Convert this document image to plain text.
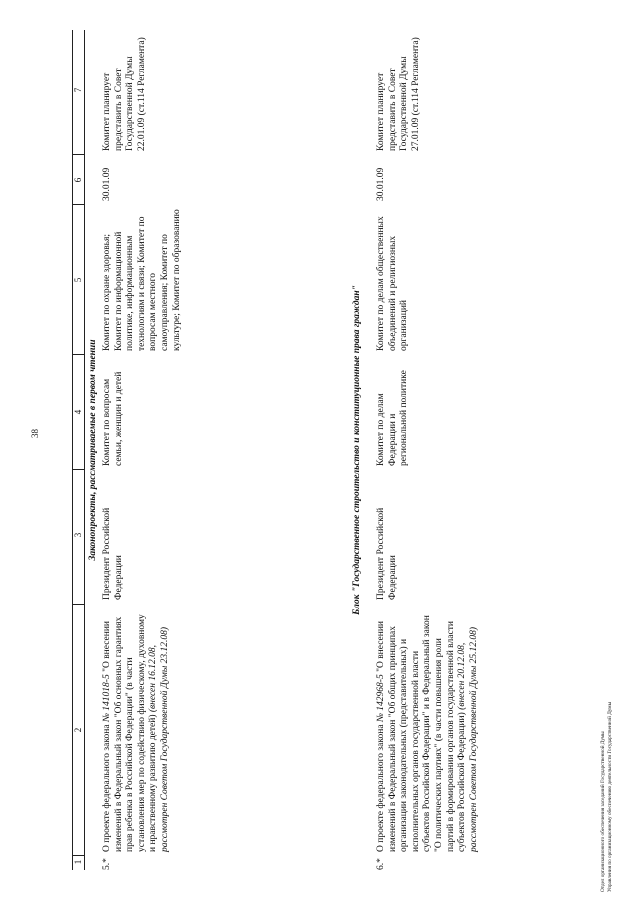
38
1
2
3
4
5
6
7
Законопроекты, рассматриваемые в первом чтении
5.*
О проекте федерального закона № 141018-5 "О внесении изменений в Федеральный закон "Об основных гарантиях прав ребенка в Российской Федерации" (в части установления мер по содействию физическому, духовному и нравственному развитию детей) (внесен 16.12.08, рассмотрен Советом Государственной Думы 23.12.08)
Президент Российской Федерации
Комитет по вопросам семьи, женщин и детей
Комитет по охране здоровья; Комитет по информационной политике, информационным технологиям и связи; Комитет по вопросам местного самоуправления; Комитет по культуре; Комитет по образованию
30.01.09
Комитет планирует представить в Совет Государственной Думы 22.01.09 (ст.114 Регламента)
Блок "Государственное строительство и конституционные права граждан"
6.*
О проекте федерального закона № 142968-5 "О внесении изменений в Федеральный закон "Об общих принципах организации законодательных (представительных) и исполнительных органов государственной власти субъектов Российской Федерации" и в Федеральный закон "О политических партиях" (в части повышения роли партий в формировании органов государственной власти субъектов Российской Федерации) (внесен 20.12.08, рассмотрен Советом Государственной Думы 25.12.08)
Президент Российской Федерации
Комитет по делам Федерации и региональной политике
Комитет по делам общественных объединений и религиозных организаций
30.01.09
Комитет планирует представить в Совет Государственной Думы 27.01.09 (ст.114 Регламента)
Отдел организационного обеспечения заседаний Государственной Думы Управления по организационному обеспечению деятельности Государственной Думы
